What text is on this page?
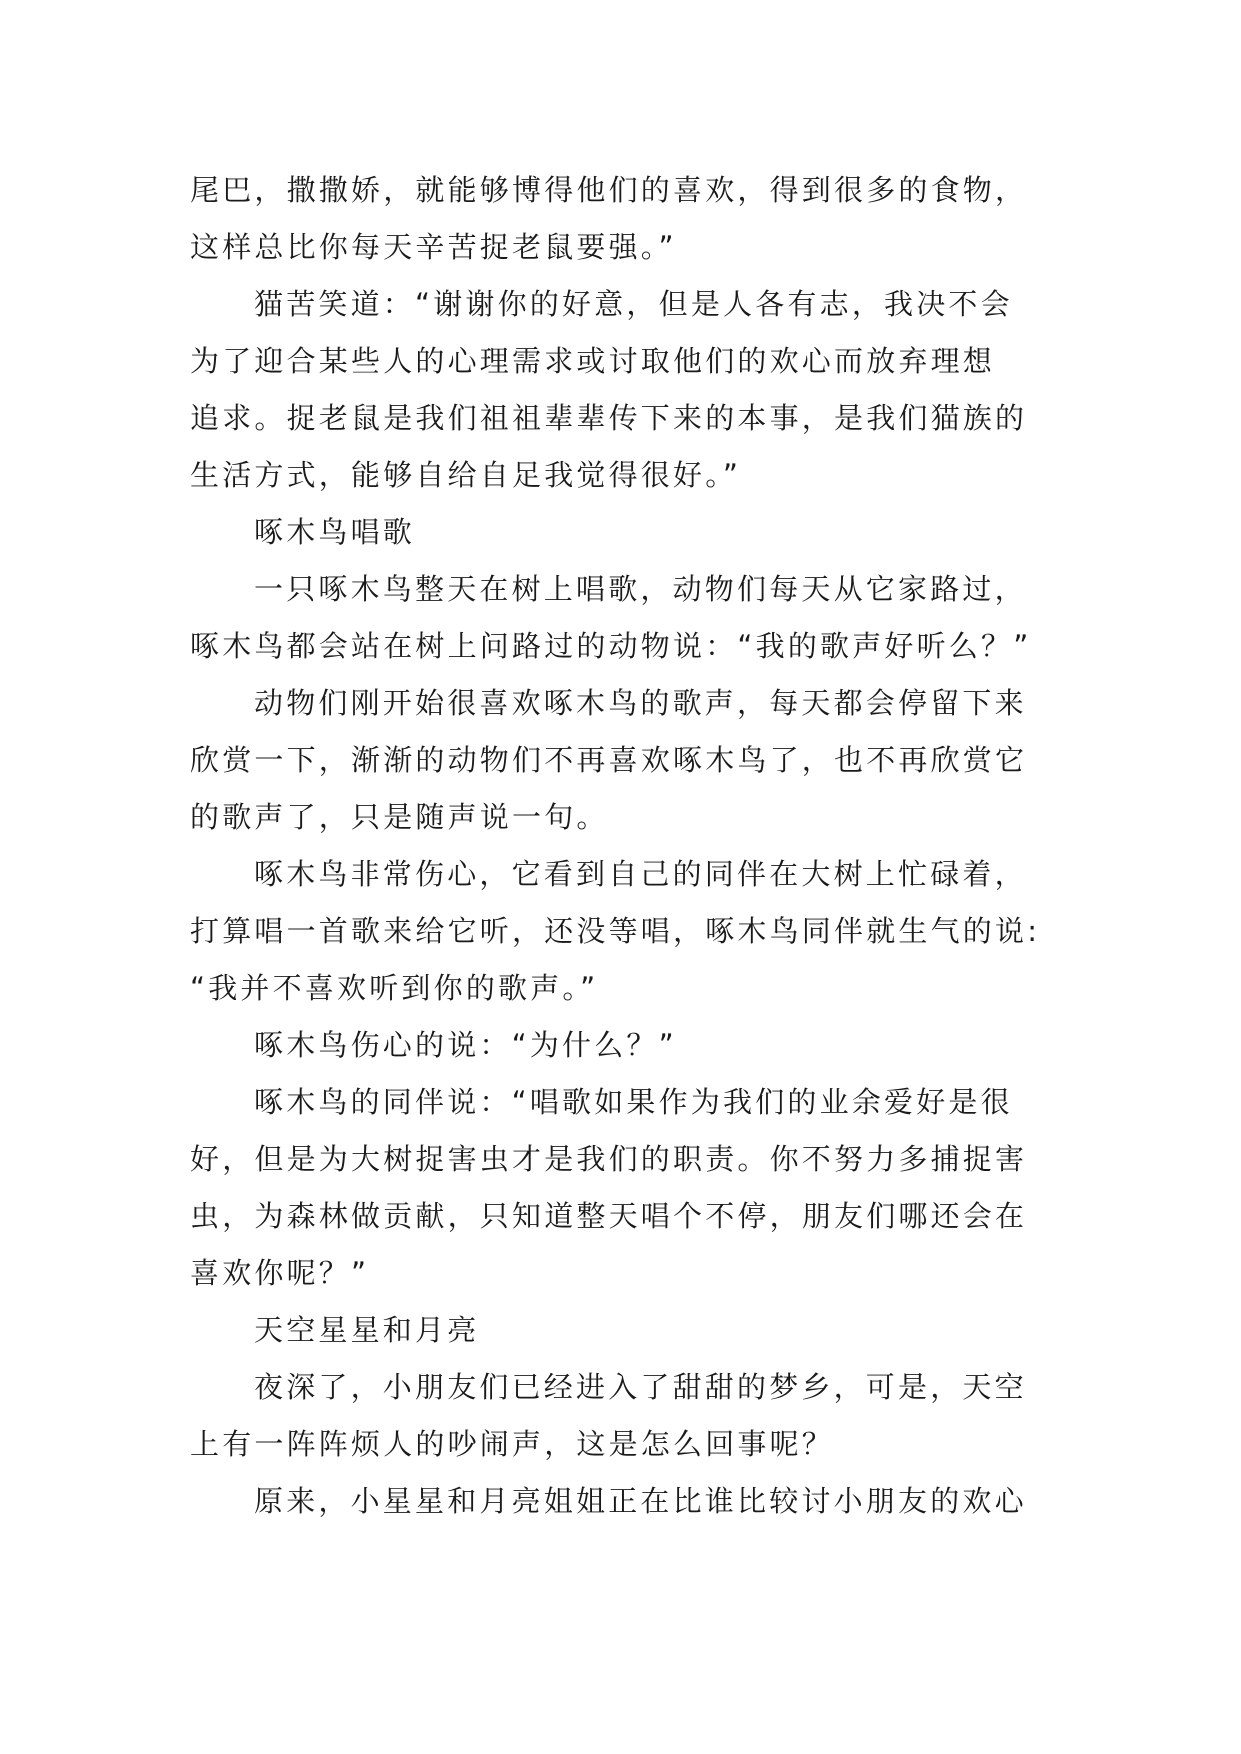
尾巴，撒撒娇，就能够博得他们的喜欢，得到很多的食物，
这样总比你每天辛苦捉老鼠要强。”
猫苦笑道：“谢谢你的好意，但是人各有志，我决不会
为了迎合某些人的心理需求或讨取他们的欢心而放弃理想
追求。捉老鼠是我们祖祖辈辈传下来的本事，是我们猫族的
生活方式，能够自给自足我觉得很好。”
啄木鸟唱歌
一只啄木鸟整天在树上唱歌，动物们每天从它家路过，
啄木鸟都会站在树上问路过的动物说：“我的歌声好听么？”
动物们刚开始很喜欢啄木鸟的歌声，每天都会停留下来
欣赏一下，渐渐的动物们不再喜欢啄木鸟了，也不再欣赏它
的歌声了，只是随声说一句。
啄木鸟非常伤心，它看到自己的同伴在大树上忙碌着，
打算唱一首歌来给它听，还没等唱，啄木鸟同伴就生气的说:
“我并不喜欢听到你的歌声。”
啄木鸟伤心的说：“为什么？”
啄木鸟的同伴说：“唱歌如果作为我们的业余爱好是很
好，但是为大树捉害虫才是我们的职责。你不努力多捕捉害
虫，为森林做贡献，只知道整天唱个不停，朋友们哪还会在
喜欢你呢？”
天空星星和月亮
夜深了，小朋友们已经进入了甜甜的梦乡，可是，天空
上有一阵阵烦人的吵闹声，这是怎么回事呢？
原来，小星星和月亮姐姐正在比谁比较讨小朋友的欢心
